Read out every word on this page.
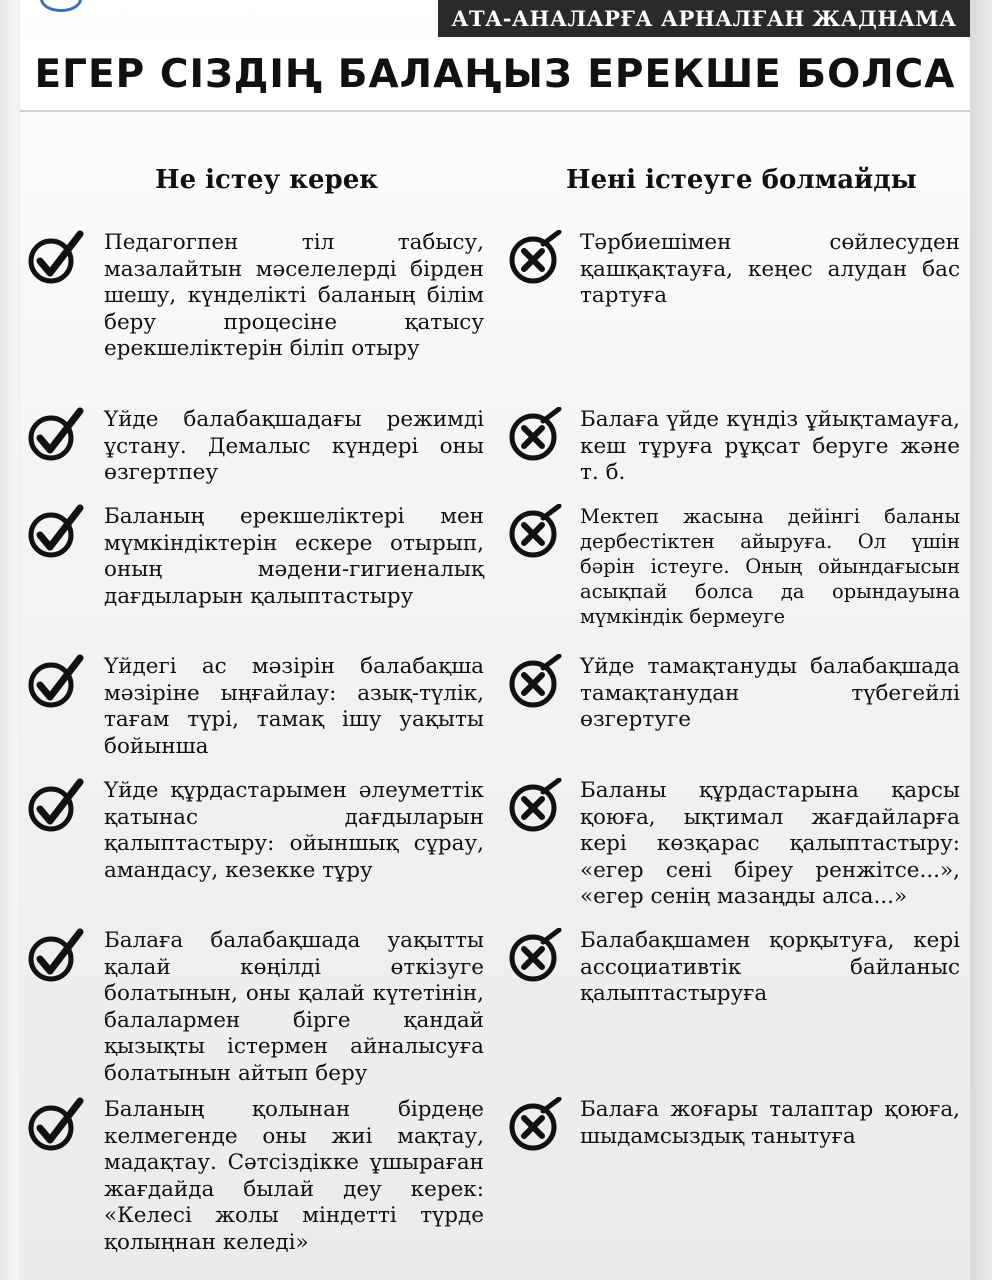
АТА-АНАЛАРҒА АРНАЛҒАН ЖАДНАМА
ЕГЕР СІЗДІҢ БАЛАҢЫЗ ЕРЕКШЕ БОЛСА
Не істеу керек	Нені істеуге болмайды
Педагогпен тіл табысу, мазалайтын мәселелерді бірден шешу, күнделікті баланың білім беру процесіне қатысу ерекшеліктерін біліп отыру
Үйде балабақшадағы режимді ұстану. Демалыс күндері оны өзгертпеу
Баланың ерекшеліктері мен мүмкіндіктерін ескере отырып, оның мәдени-гигиеналық дағдыларын қалыптастыру
Үйдегі ас мәзірін балабақша мәзіріне ыңғайлау: азық-түлік, тағам түрі, тамақ ішу уақыты бойынша
Үйде құрдастарымен әлеуметтік қатынас дағдыларын қалыптастыру: ойыншық сұрау, амандасу, кезекке тұру
Балаға балабақшада уақытты қалай көңілді өткізуге болатынын, оны қалай күтетінін, балалармен бірге қандай қызықты істермен айналысуға болатынын айтып беру
Баланың қолынан бірдеңе келмегенде оны жиі мақтау, мадақтау. Сәтсіздікке ұшыраған жағдайда былай деу керек: «Келесі жолы міндетті түрде қолыңнан келеді»
Тәрбиешімен сөйлесуден қашқақтауға, кеңес алудан бас тартуға
Балаға үйде күндіз ұйықтамауға, кеш тұруға рұқсат беруге және т. б.
Мектеп жасына дейінгі баланы дербестіктен айыруға. Ол үшін бәрін істеуге. Оның ойындағысын асықпай болса да орындауына мүмкіндік бермеуге
Үйде тамақтануды балабақшада тамақтанудан түбегейлі өзгертуге
Баланы құрдастарына қарсы қоюға, ықтимал жағдайларға кері көзқарас қалыптастыру: «егер сені біреу ренжітсе...», «егер сенің мазаңды алса...»
Балабақшамен қорқытуға, кері ассоциативтік байланыс қалыптастыруға
Балаға жоғары талаптар қоюға, шыдамсыздық танытуға
